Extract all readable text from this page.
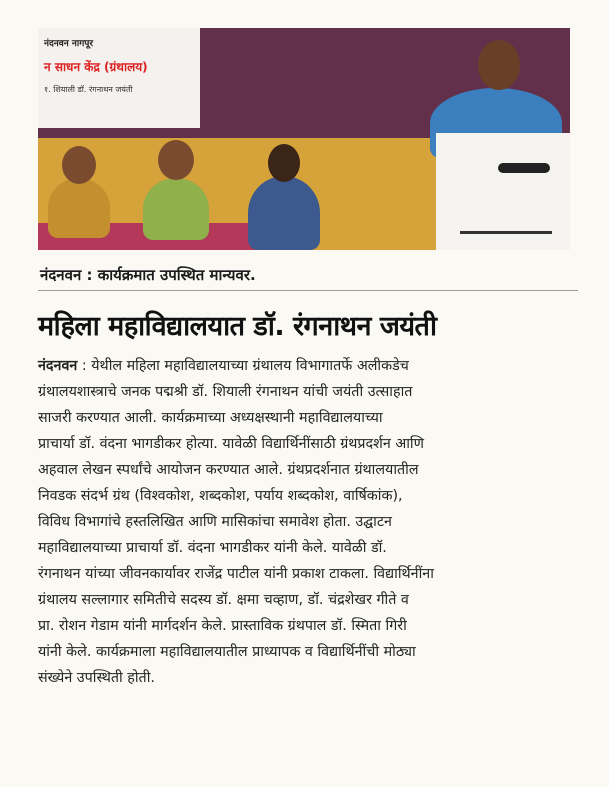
नंदनवन नागपूर
न साधन केंद्र (ग्रंथालय)
१. शियाली डॉ. रंगनाथन जयंती
नंदनवन : कार्यक्रमात उपस्थित मान्यवर.
महिला महाविद्यालयात डॉ. रंगनाथन जयंती
नंदनवन : येथील महिला महाविद्यालयाच्या ग्रंथालय विभागातर्फे अलीकडेच
ग्रंथालयशास्त्राचे जनक पद्मश्री डॉ. शियाली रंगनाथन यांची जयंती उत्साहात
साजरी करण्यात आली. कार्यक्रमाच्या अध्यक्षस्थानी महाविद्यालयाच्या
प्राचार्या डॉ. वंदना भागडीकर होत्या. यावेळी विद्यार्थिनींसाठी ग्रंथप्रदर्शन आणि
अहवाल लेखन स्पर्धांचे आयोजन करण्यात आले. ग्रंथप्रदर्शनात ग्रंथालयातील
निवडक संदर्भ ग्रंथ (विश्वकोश, शब्दकोश, पर्याय शब्दकोश, वार्षिकांक),
विविध विभागांचे हस्तलिखित आणि मासिकांचा समावेश होता. उद्घाटन
महाविद्यालयाच्या प्राचार्या डॉ. वंदना भागडीकर यांनी केले. यावेळी डॉ.
रंगनाथन यांच्या जीवनकार्यावर राजेंद्र पाटील यांनी प्रकाश टाकला. विद्यार्थिनींना
ग्रंथालय सल्लागार समितीचे सदस्य डॉ. क्षमा चव्हाण, डॉ. चंद्रशेखर गीते व
प्रा. रोशन गेडाम यांनी मार्गदर्शन केले. प्रास्ताविक ग्रंथपाल डॉ. स्मिता गिरी
यांनी केले. कार्यक्रमाला महाविद्यालयातील प्राध्यापक व विद्यार्थिनींची मोठ्या
संख्येने उपस्थिती होती.
